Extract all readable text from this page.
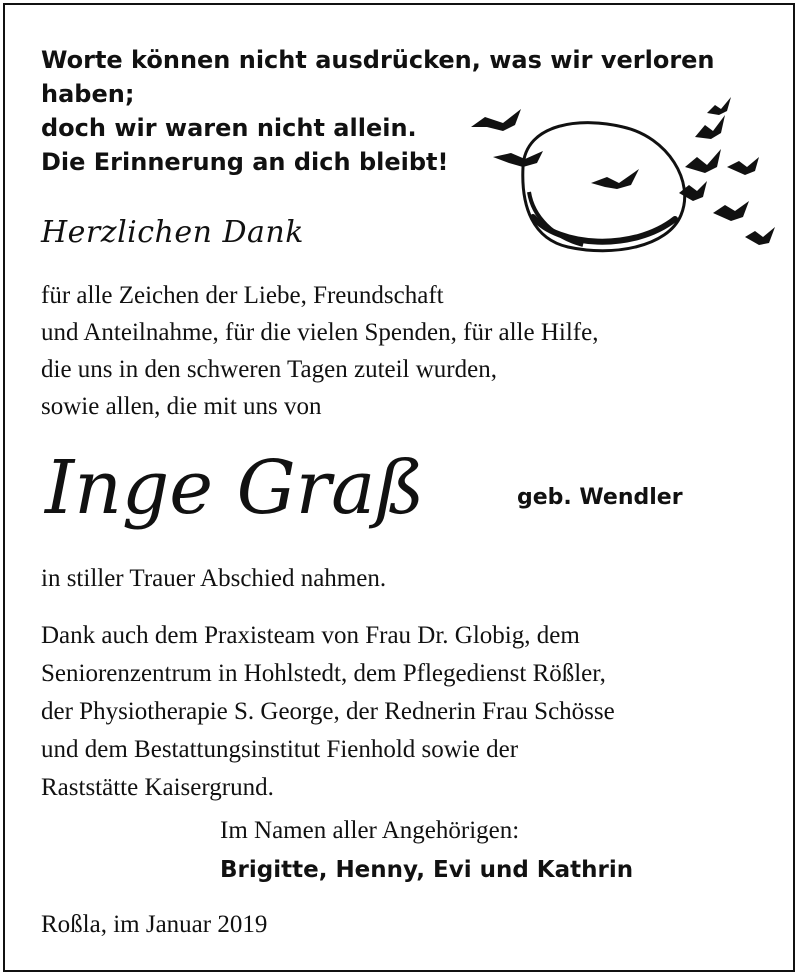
Worte können nicht ausdrücken, was wir verloren
haben;
doch wir waren nicht allein.
Die Erinnerung an dich bleibt!
Herzlichen Dank
für alle Zeichen der Liebe, Freundschaft
und Anteilnahme, für die vielen Spenden, für alle Hilfe,
die uns in den schweren Tagen zuteil wurden,
sowie allen, die mit uns von
Inge Graß	geb. Wendler
in stiller Trauer Abschied nahmen.
Dank auch dem Praxisteam von Frau Dr. Globig, dem
Seniorenzentrum in Hohlstedt, dem Pflegedienst Rößler,
der Physiotherapie S. George, der Rednerin Frau Schösse
und dem Bestattungsinstitut Fienhold sowie der
Raststätte Kaisergrund.
Im Namen aller Angehörigen:
Brigitte, Henny, Evi und Kathrin
Roßla, im Januar 2019
